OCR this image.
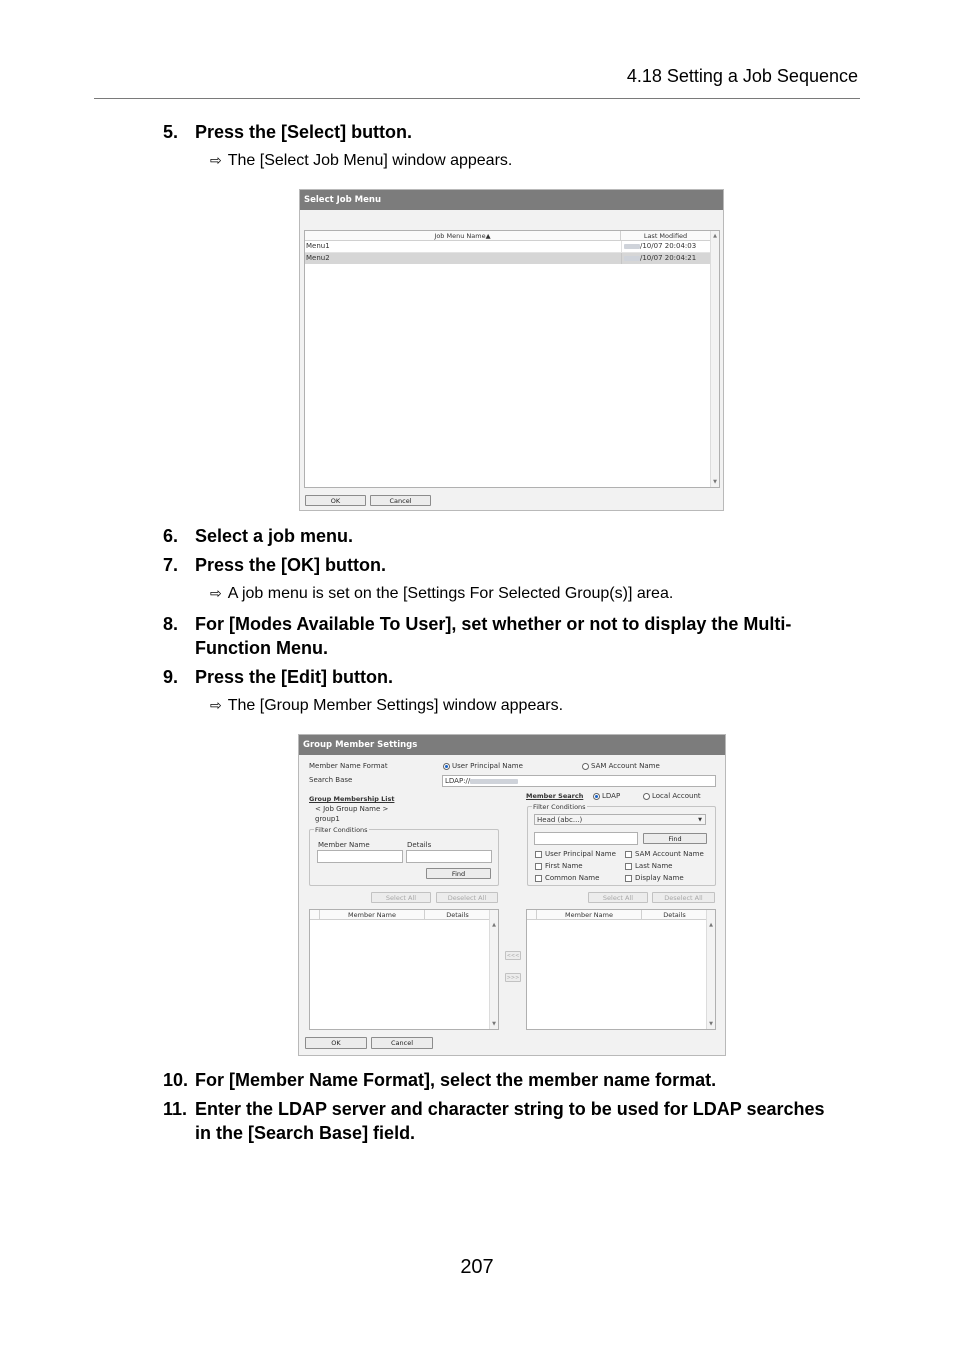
4.18 Setting a Job Sequence
5. Press the [Select] button.
⇨ The [Select Job Menu] window appears.
Select Job Menu
Job Menu Name▲	Last Modified
Menu1	/10/07 20:04:03
Menu2	/10/07 20:04:21
▲
▼
OK	Cancel
6. Select a job menu.
7. Press the [OK] button.
⇨ A job menu is set on the [Settings For Selected Group(s)] area.
8. For [Modes Available To User], set whether or not to display the Multi-Function Menu.
9. Press the [Edit] button.
⇨ The [Group Member Settings] window appears.
Group Member Settings
Member Name Format	User Principal Name	SAM Account Name
Search Base	LDAP://
Group Membership List
< Job Group Name >
group1
Filter Conditions
Member Name	Details
Find
Select All	Deselect All
Member Name	Details
▲
▼
<<<
>>>
Member Search	LDAP	Local Account
Filter Conditions
Head (abc...)	▼
Find
User Principal Name	SAM Account Name
First Name	Last Name
Common Name	Display Name
Select All	Deselect All
Member Name	Details
▲
▼
OK	Cancel
10. For [Member Name Format], select the member name format.
11. Enter the LDAP server and character string to be used for LDAP searches in the [Search Base] field.
207
